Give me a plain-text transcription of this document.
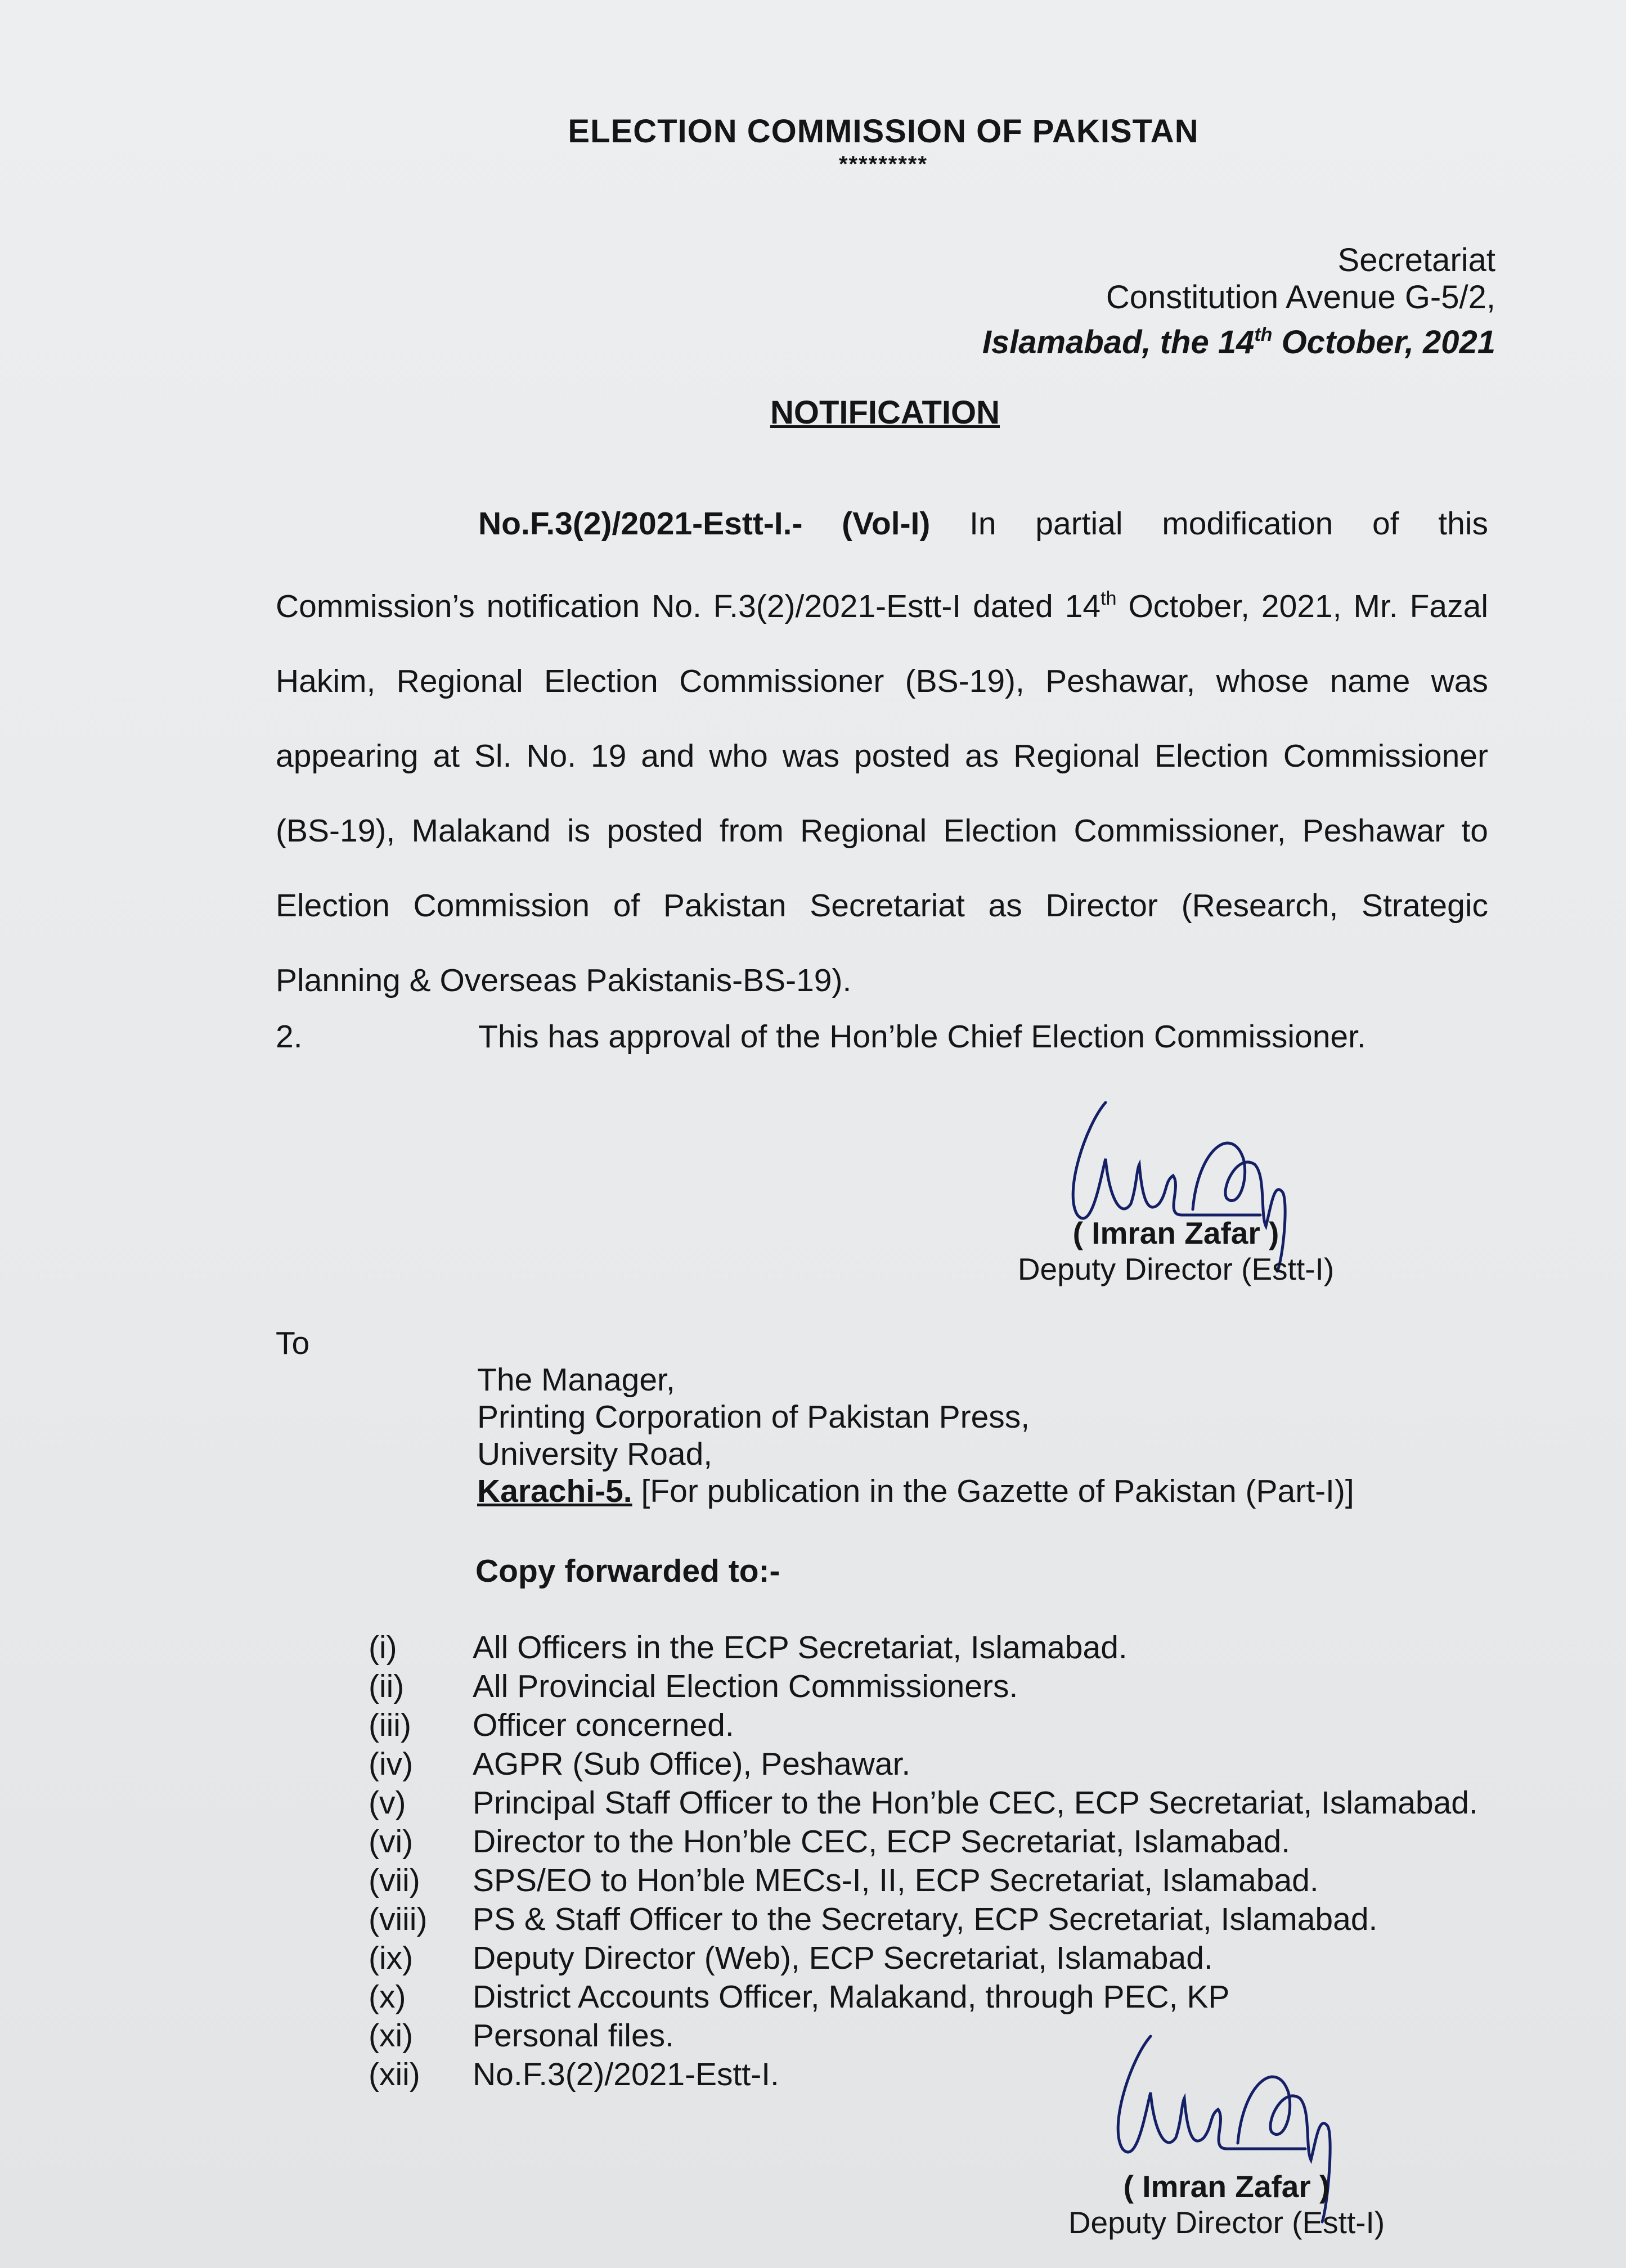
ELECTION COMMISSION OF PAKISTAN
*********
Secretariat
Constitution Avenue G-5/2,
Islamabad, the 14th October, 2021
NOTIFICATION
No.F.3(2)/2021-Estt-I.- (Vol-I) In partial modification of this Commission’s notification No. F.3(2)/2021-Estt-I dated 14th October, 2021, Mr. Fazal Hakim, Regional Election Commissioner (BS-19), Peshawar, whose name was appearing at Sl. No. 19 and who was posted as Regional Election Commissioner (BS-19), Malakand is posted from Regional Election Commissioner, Peshawar to Election Commission of Pakistan Secretariat as Director (Research, Strategic Planning & Overseas Pakistanis-BS-19).
2.	This has approval of the Hon’ble Chief Election Commissioner.
( Imran Zafar )
Deputy Director (Estt-I)
To
The Manager,
Printing Corporation of Pakistan Press,
University Road,
Karachi-5. [For publication in the Gazette of Pakistan (Part-I)]
Copy forwarded to:-
(i)	All Officers in the ECP Secretariat, Islamabad.
(ii)	All Provincial Election Commissioners.
(iii)	Officer concerned.
(iv)	AGPR (Sub Office), Peshawar.
(v)	Principal Staff Officer to the Hon’ble CEC, ECP Secretariat, Islamabad.
(vi)	Director to the Hon’ble CEC, ECP Secretariat, Islamabad.
(vii)	SPS/EO to Hon’ble MECs-I, II, ECP Secretariat, Islamabad.
(viii)	PS & Staff Officer to the Secretary, ECP Secretariat, Islamabad.
(ix)	Deputy Director (Web), ECP Secretariat, Islamabad.
(x)	District Accounts Officer, Malakand, through PEC, KP
(xi)	Personal files.
(xii)	No.F.3(2)/2021-Estt-I.
( Imran Zafar )
Deputy Director (Estt-I)
